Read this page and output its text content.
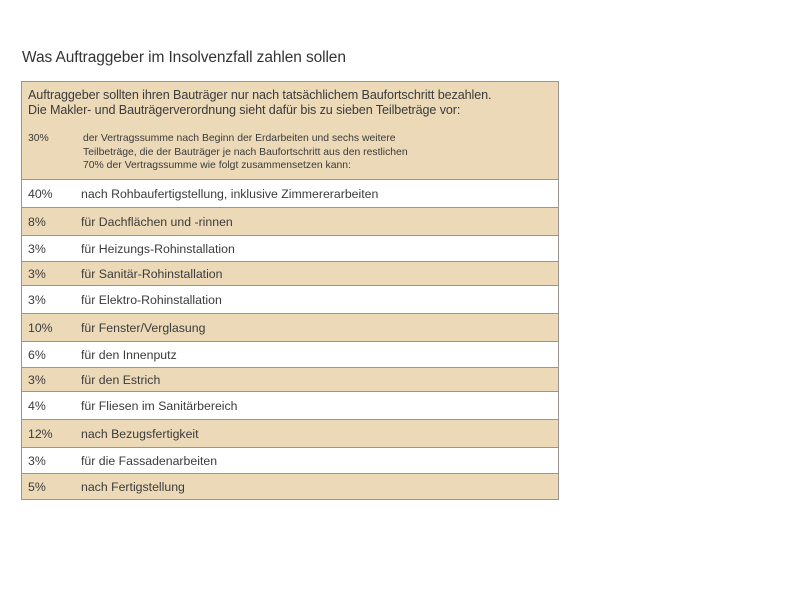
Was Auftraggeber im Insolvenzfall zahlen sollen
Auftraggeber sollten ihren Bauträger nur nach tatsächlichem Baufortschritt bezahlen.
Die Makler- und Bauträgerverordnung sieht dafür bis zu sieben Teilbeträge vor:
30%	der Vertragssumme nach Beginn der Erdarbeiten und sechs weitere
Teilbeträge, die der Bauträger je nach Baufortschritt aus den restlichen
70% der Vertragssumme wie folgt zusammensetzen kann:
40%	nach Rohbaufertigstellung, inklusive Zimmererarbeiten
8%	für Dachflächen und -rinnen
3%	für Heizungs-Rohinstallation
3%	für Sanitär-Rohinstallation
3%	für Elektro-Rohinstallation
10%	für Fenster/Verglasung
6%	für den Innenputz
3%	für den Estrich
4%	für Fliesen im Sanitärbereich
12%	nach Bezugsfertigkeit
3%	für die Fassadenarbeiten
5%	nach Fertigstellung
